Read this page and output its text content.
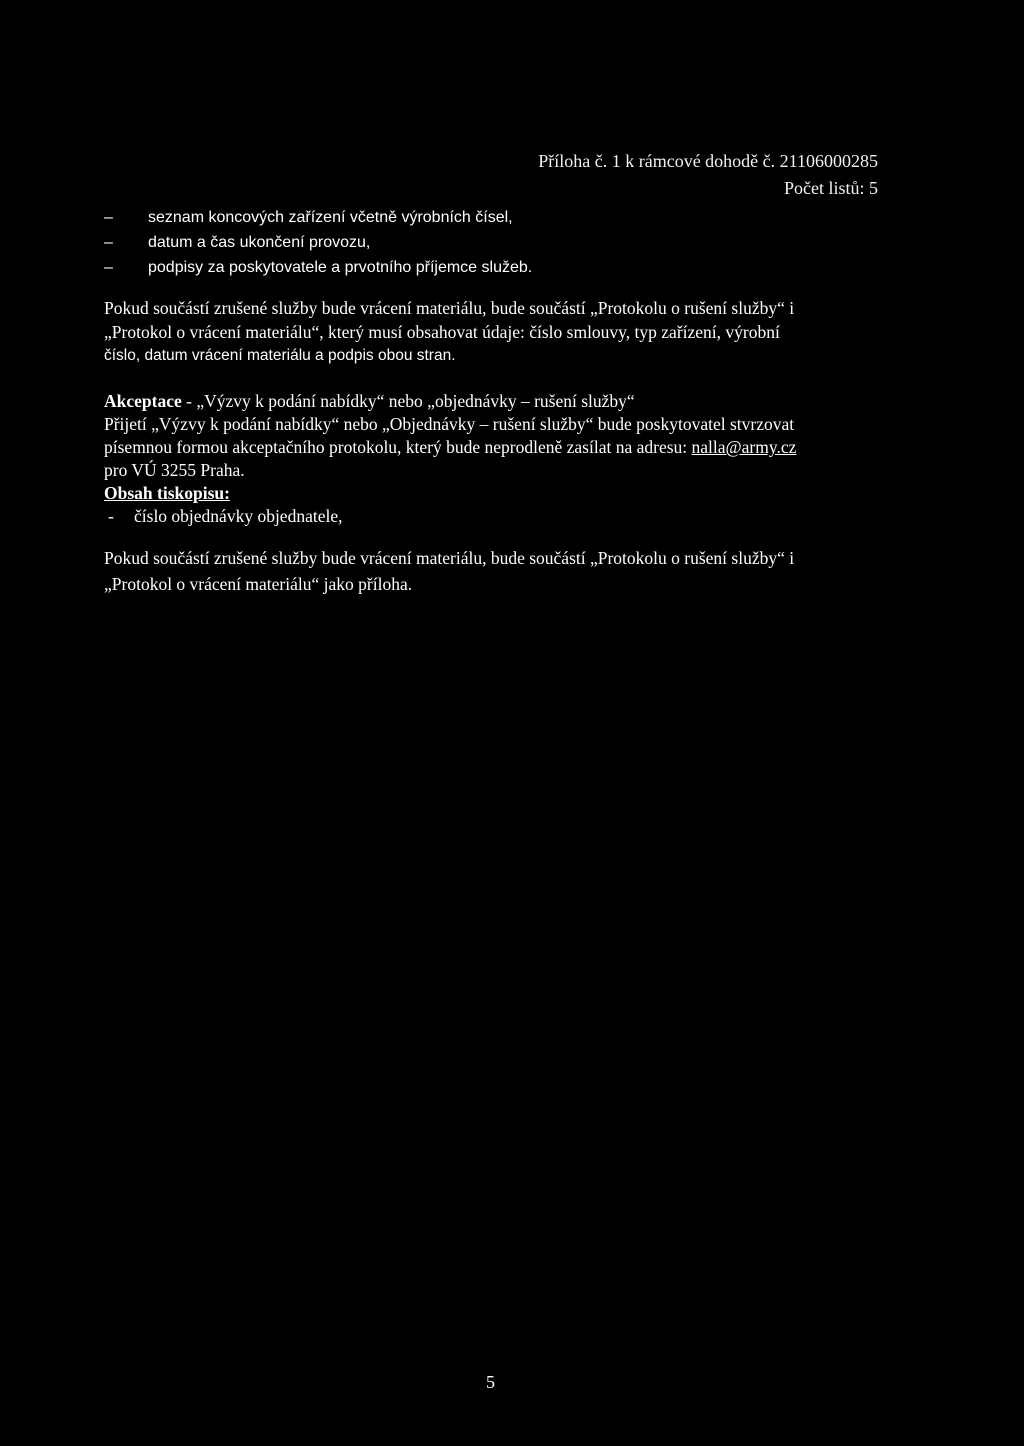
Příloha č. 1 k rámcové dohodě č. 21106000285
Počet listů: 5
– seznam koncových zařízení včetně výrobních čísel,
– datum a čas ukončení provozu,
– podpisy za poskytovatele a prvotního příjemce služeb.
Pokud součástí zrušené služby bude vrácení materiálu, bude součástí „Protokolu o rušení služby“ i
„Protokol o vrácení materiálu“, který musí obsahovat údaje: číslo smlouvy, typ zařízení, výrobní
číslo, datum vrácení materiálu a podpis obou stran.
Akceptace - „Výzvy k podání nabídky“ nebo „objednávky – rušení služby“
Přijetí „Výzvy k podání nabídky“ nebo „Objednávky – rušení služby“ bude poskytovatel stvrzovat
písemnou formou akceptačního protokolu, který bude neprodleně zasílat na adresu: nalla@army.cz
pro VÚ 3255 Praha.
Obsah tiskopisu:
- číslo objednávky objednatele,
Pokud součástí zrušené služby bude vrácení materiálu, bude součástí „Protokolu o rušení služby“ i
„Protokol o vrácení materiálu“ jako příloha.
5
